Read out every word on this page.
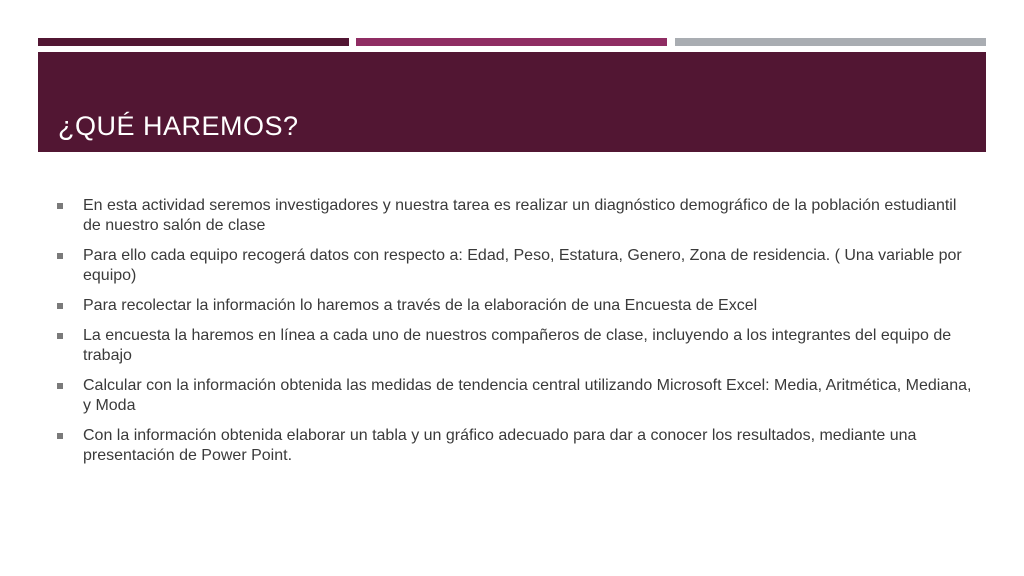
¿QUÉ HAREMOS?
En esta actividad seremos investigadores y nuestra tarea es realizar un diagnóstico demográfico de la población estudiantil de nuestro salón de clase
Para ello cada equipo recogerá datos con respecto a: Edad, Peso, Estatura, Genero, Zona de residencia. ( Una variable por equipo)
Para recolectar la información lo haremos a través de la elaboración de una Encuesta de Excel
La encuesta la haremos en línea a cada uno de nuestros compañeros de clase, incluyendo a los integrantes del equipo de trabajo
Calcular con la información obtenida las medidas de tendencia central utilizando Microsoft Excel: Media, Aritmética, Mediana, y Moda
Con la información obtenida elaborar un tabla y un gráfico adecuado para dar a conocer los resultados, mediante una presentación de Power Point.
